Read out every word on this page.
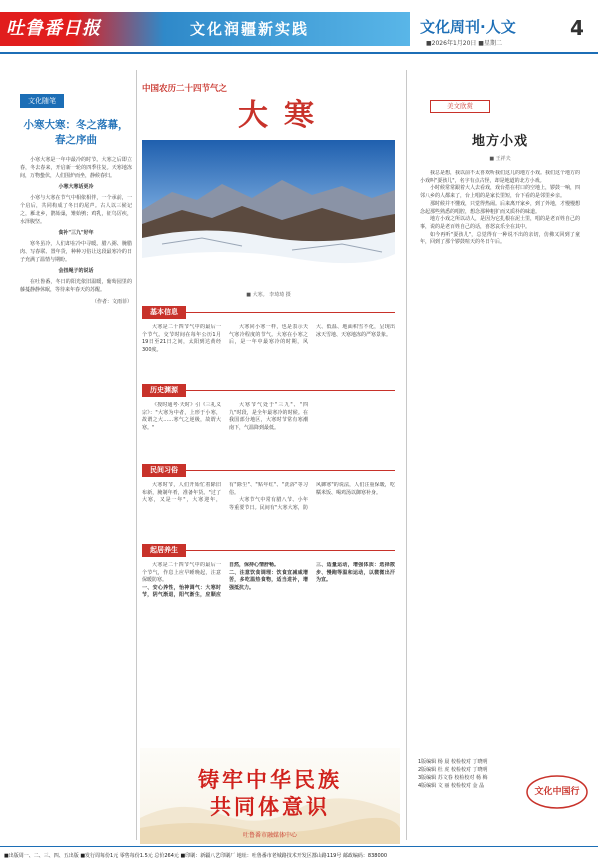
吐鲁番日报	文化润疆新实践	文化周刊·人文	4
■2026年1月20日 ■星期二
文化随笔
小寒大寒：冬之落幕，春之序曲

小寒大寒是一年中最冷的时节。大寒之后即立春，冬去春来，开启新一轮的四季往复。天寒地冻间，万物蛰伏，人们围炉而坐，静候春归。

小寒大寒话更冷

小寒与大寒在节气中相依相伴，一个承前，一个启后，共同构成了冬日的尾声。古人以三候记之，雁北乡，鹊始巢，雉始鸲；鸡乳，征鸟厉疾，水泽腹坚。

食补"三九"好年

寒冬虽冷，人们却在冷中寻暖。腊八粥、腌腊肉、写春联、置年货，种种习俗让这段最寒冷的日子充满了温情与期盼。

会扭绳子的说话

在吐鲁番，冬日的阳光依旧温暖，葡萄园里的藤蔓静静休眠，等待来年春天的苏醒。

（作者：文雨菲）

中国农历二十四节气之
大寒
■ 大寒。 李琦琦 摄
基本信息

大寒是二十四节气中的最后一个节气。交节时间在每年公历1月19日至21日之间，太阳到达黄经300度。

大寒同小寒一样，也是表示天气寒冷程度的节气。大寒在小寒之后，是一年中最寒冷的时期，风大、低温、地面积雪不化，呈现出冰天雪地、天寒地冻的严寒景象。

历史渊源

《授时通考·天时》引《三礼义宗》："大寒为中者，上形于小寒，故谓之大……寒气之逆极，故谓大寒。"

大寒节气处于"三九"、"四九"时段，是全年最寒冷的时候。在我国部分地区，大寒时节常有寒潮南下，气温降到最低。

民间习俗

大寒时节，人们开始忙着除旧布新，腌制年肴，准备年货。"过了大寒，又是一年"，大寒迎年，有"除尘"、"贴年红"、"洗浴"等习俗。

大寒节气中常有腊八节、小年等重要节日。民间有"大寒大寒，防风御寒"的说法，人们注重保暖，吃糯米饭、喝鸡汤以御寒补身。

起居养生

大寒是二十四节气中的最后一个节气，作息上应早睡晚起，注意保暖防寒。

一、安心养性，怡神调气：大寒时节，阴气渐退，阳气渐生，应顺应自然，保持心情舒畅。

二、注意饮食调理：饮食宜减咸增苦，多吃温热食物，适当进补，增强抵抗力。

三、适量运动，增强体质：选择散步、慢跑等温和运动，以微微出汗为宜。

铸牢中华民族
共同体意识
吐鲁番市融媒体中心
美文欣赏
地方小戏
■ 王祥夫

我总是想，我以前不太喜欢听我们这儿的地方小戏。我们这个地方的小戏叫"耍孩儿"，名字有点古怪，却是地道的北方小戏。

小时候常常跟着大人去看戏，戏台搭在村口的空地上，锣鼓一响，四邻八乡的人都来了，台上唱的是家长里短，台下看的是邻里乡亲。

那时候并不懂戏，只觉得热闹。后来离开家乡，到了外地，才慢慢想念起那些熟悉的唱腔，想念那种粗犷而又质朴的味道。

地方小戏之所以动人，是因为它扎根在泥土里，唱的是老百姓自己的事，说的是老百姓自己的话，喜怒哀乐全在其中。

如今再听"耍孩儿"，总觉得有一种说不出的亲切，仿佛又回到了童年，回到了那个锣鼓喧天的冬日午后。

1版编辑 杨 晨 校检校对 丁晓明
2版编辑 杜 虎 校检校对 丁晓明
3版编辑 苏文春 校检校对 杨 梅
4版编辑 文 丽 校检校对 金 晶
文化中国行
■出版周一、二、三、四、五出版 ■发行周每份1元 零售每份1.5元 总价264元 ■印刷：新疆八艺印刷厂 地址：吐鲁番市老城路技术开发区鄯山路119号 邮政编码：838000
